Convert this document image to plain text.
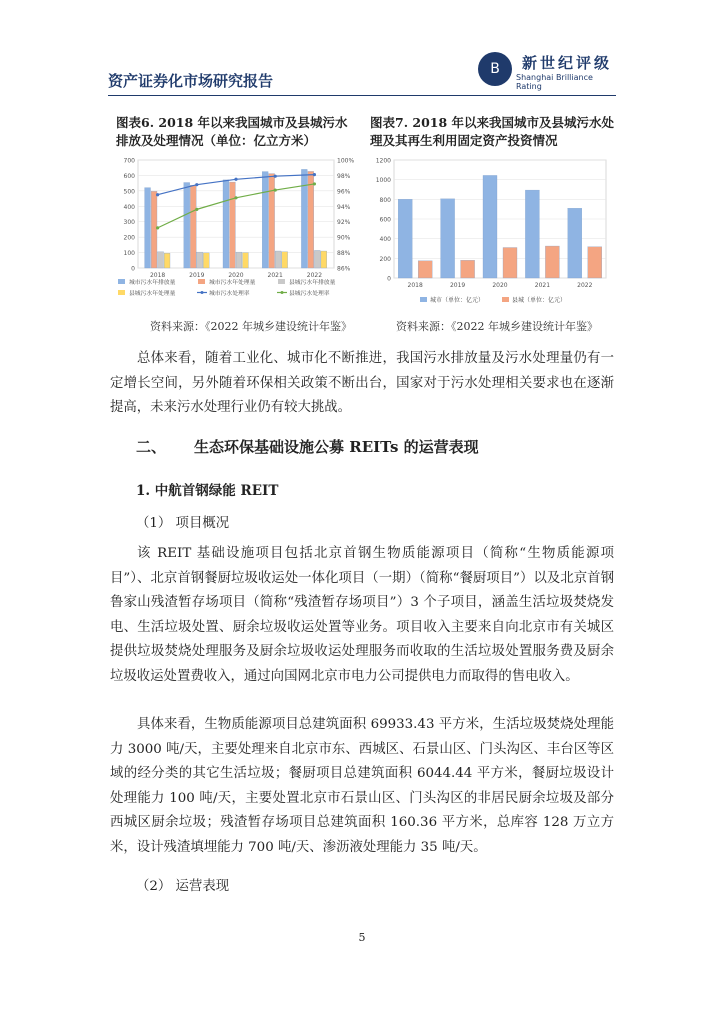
资产证券化市场研究报告
B	新世纪评级
Shanghai Brilliance Rating
图表6. 2018 年以来我国城市及县城污水排放及处理情况（单位：亿立方米）
图表7. 2018 年以来我国城市及县城污水处理及其再生利用固定资产投资情况
0
100
200
300
400
500
600
700
86%
88%
90%
92%
94%
96%
98%
100%
2018	2019	2020	2021	2022
城市污水年排放量	城市污水年处理量	县城污水年排放量
县城污水年处理量	城市污水处理率	县城污水处理率
0
200
400
600
800
1000
1200
2018	2019	2020	2021	2022
城市（单位：亿元）	县城（单位：亿元）
资料来源：《2022 年城乡建设统计年鉴》	资料来源：《2022 年城乡建设统计年鉴》

总体来看，随着工业化、城市化不断推进，我国污水排放量及污水处理量仍有一定增长空间，另外随着环保相关政策不断出台，国家对于污水处理相关要求也在逐渐提高，未来污水处理行业仍有较大挑战。

二、 生态环保基础设施公募 REITs 的运营表现
1. 中航首钢绿能 REIT
（1） 项目概况

该 REIT 基础设施项目包括北京首钢生物质能源项目（简称“生物质能源项目”）、北京首钢餐厨垃圾收运处一体化项目（一期）（简称“餐厨项目”）以及北京首钢鲁家山残渣暂存场项目（简称“残渣暂存场项目”）3 个子项目，涵盖生活垃圾焚烧发电、生活垃圾处置、厨余垃圾收运处置等业务。项目收入主要来自向北京市有关城区提供垃圾焚烧处理服务及厨余垃圾收运处理服务而收取的生活垃圾处置服务费及厨余垃圾收运处置费收入，通过向国网北京市电力公司提供电力而取得的售电收入。

具体来看，生物质能源项目总建筑面积 69933.43 平方米，生活垃圾焚烧处理能力 3000 吨/天，主要处理来自北京市东、西城区、石景山区、门头沟区、丰台区等区域的经分类的其它生活垃圾；餐厨项目总建筑面积 6044.44 平方米，餐厨垃圾设计处理能力 100 吨/天，主要处置北京市石景山区、门头沟区的非居民厨余垃圾及部分西城区厨余垃圾；残渣暂存场项目总建筑面积 160.36 平方米，总库容 128 万立方米，设计残渣填埋能力 700 吨/天、渗沥液处理能力 35 吨/天。

（2） 运营表现
5
